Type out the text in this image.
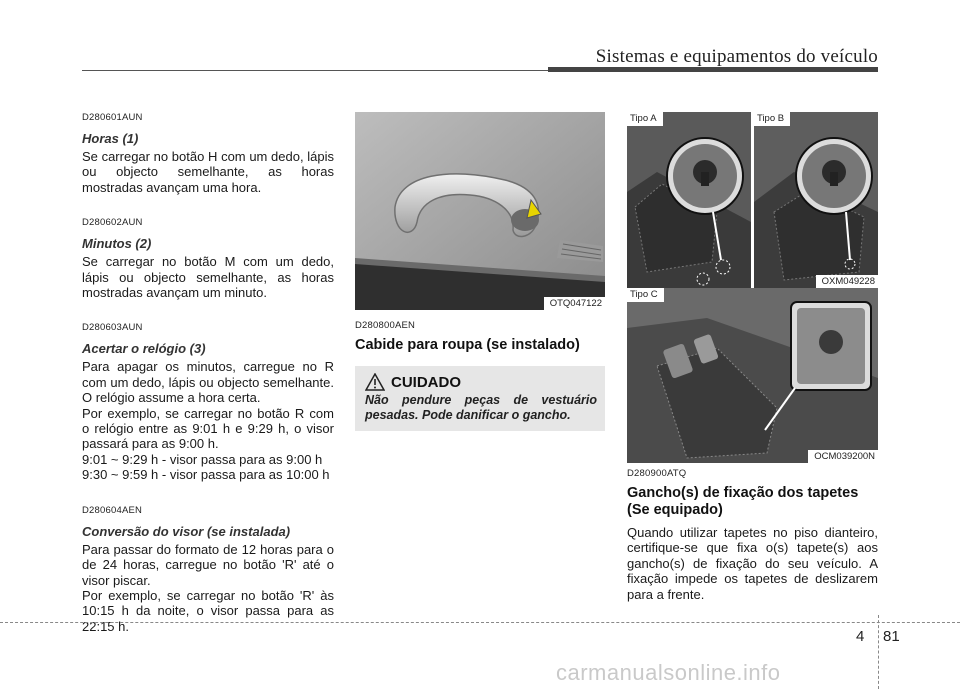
Sistemas e equipamentos do veículo

D280601AUN

Horas (1)

Se carregar no botão H com um dedo, lápis ou objecto semelhante, as horas mostradas avançam uma hora.

D280602AUN

Minutos (2)

Se carregar no botão M com um dedo, lápis ou objecto semelhante, as horas mostradas avançam um minuto.

D280603AUN

Acertar o relógio (3)

Para apagar os minutos, carregue no R com um dedo, lápis ou objecto semelhante. O relógio assume a hora certa.

Por exemplo, se carregar no botão R com o relógio entre as 9:01 h e 9:29 h, o visor passará para as 9:00 h.

9:01 ~ 9:29 h - visor passa para as 9:00 h

9:30 ~ 9:59 h - visor passa para as 10:00 h

D280604AEN

Conversão do visor (se instalada)

Para passar do formato de 12 horas para o de 24 horas, carregue no botão 'R' até o visor piscar.

Por exemplo, se carregar no botão 'R' às 10:15 h da noite, o visor passa para as 22:15 h.

OTQ047122

D280800AEN

Cabide para roupa (se instalado)

CUIDADO
Não pendure peças de vestuário pesadas. Pode danificar o gancho.
Tipo A	Tipo B
OXM049228
Tipo C
OCM039200N

D280900ATQ

Gancho(s) de fixação dos tapetes (Se equipado)

Quando utilizar tapetes no piso dianteiro, certifique-se que fixa o(s) tapete(s) aos gancho(s) de fixação do seu veículo. A fixação impede os tapetes de deslizarem para a frente.

4 81
carmanualsonline.info
